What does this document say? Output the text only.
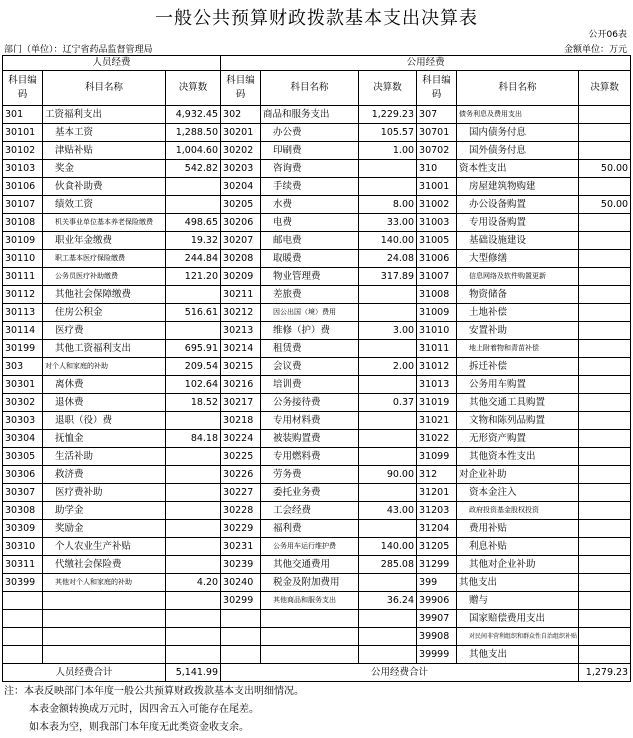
一般公共预算财政拨款基本支出决算表
公开06表
部门（单位）：辽宁省药品监督管理局	金额单位：万元
人员经费			公用经费					
科目编码	科目名称	决算数	科目编码	科目名称	决算数	科目编码	科目名称	决算数
301	工资福利支出	4,932.45	302	商品和服务支出	1,229.23	307	债务利息及费用支出	
30101	基本工资	1,288.50	30201	办公费	105.57	30701	国内债务付息	
30102	津贴补贴	1,004.60	30202	印刷费	1.00	30702	国外债务付息	
30103	奖金	542.82	30203	咨询费		310	资本性支出	50.00
30106	伙食补助费		30204	手续费		31001	房屋建筑物购建	
30107	绩效工资		30205	水费	8.00	31002	办公设备购置	50.00
30108	机关事业单位基本养老保险缴费	498.65	30206	电费	33.00	31003	专用设备购置	
30109	职业年金缴费	19.32	30207	邮电费	140.00	31005	基础设施建设	
30110	职工基本医疗保险缴费	244.84	30208	取暖费	24.08	31006	大型修缮	
30111	公务员医疗补助缴费	121.20	30209	物业管理费	317.89	31007	信息网络及软件购置更新	
30112	其他社会保障缴费		30211	差旅费		31008	物资储备	
30113	住房公积金	516.61	30212	因公出国（境）费用		31009	土地补偿	
30114	医疗费		30213	维修（护）费	3.00	31010	安置补助	
30199	其他工资福利支出	695.91	30214	租赁费		31011	地上附着物和青苗补偿	
303	对个人和家庭的补助	209.54	30215	会议费	2.00	31012	拆迁补偿	
30301	离休费	102.64	30216	培训费		31013	公务用车购置	
30302	退休费	18.52	30217	公务接待费	0.37	31019	其他交通工具购置	
30303	退职（役）费		30218	专用材料费		31021	文物和陈列品购置	
30304	抚恤金	84.18	30224	被装购置费		31022	无形资产购置	
30305	生活补助		30225	专用燃料费		31099	其他资本性支出	
30306	救济费		30226	劳务费	90.00	312	对企业补助	
30307	医疗费补助		30227	委托业务费		31201	资本金注入	
30308	助学金		30228	工会经费	43.00	31203	政府投资基金股权投资	
30309	奖励金		30229	福利费		31204	费用补贴	
30310	个人农业生产补贴		30231	公务用车运行维护费	140.00	31205	利息补贴	
30311	代缴社会保险费		30239	其他交通费用	285.08	31299	其他对企业补助	
30399	其他对个人和家庭的补助	4.20	30240	税金及附加费用		399	其他支出	
			30299	其他商品和服务支出	36.24	39906	赠与	
						39907	国家赔偿费用支出	
						39908	对民间非营利组织和群众性自治组织补贴	
						39999	其他支出	
人员经费合计		5,141.99	公用经费合计					1,279.23
注：本表反映部门本年度一般公共预算财政拨款基本支出明细情况。
本表金额转换成万元时，因四舍五入可能存在尾差。
如本表为空，则我部门本年度无此类资金收支余。
